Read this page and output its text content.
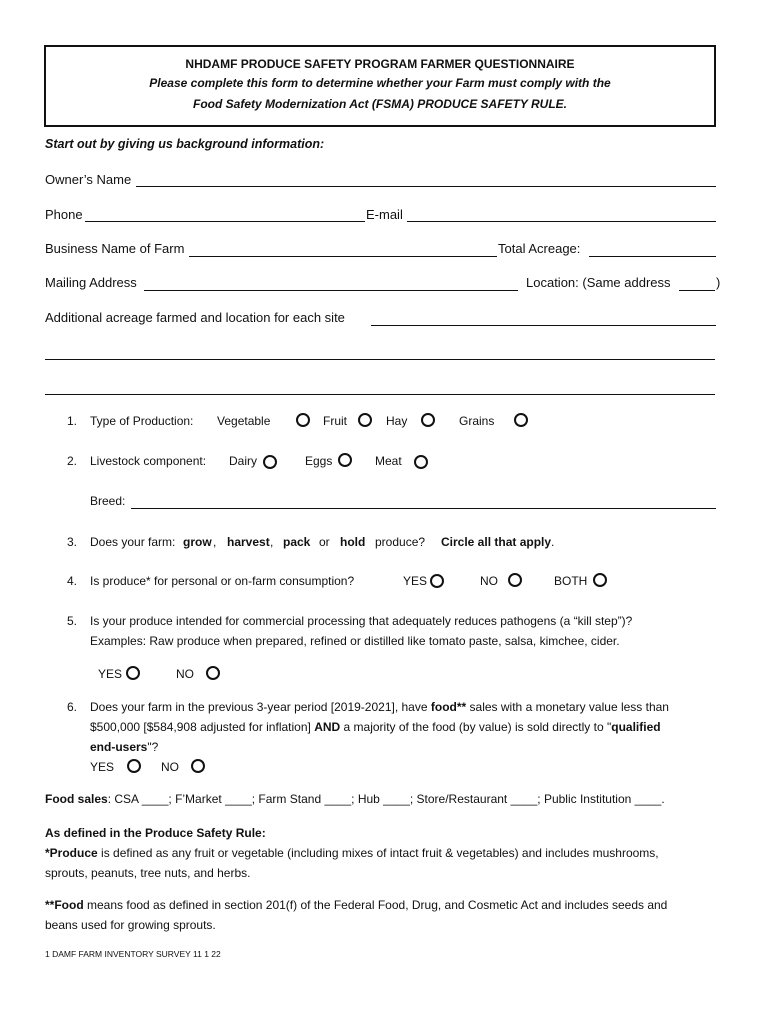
NHDAMF PRODUCE SAFETY PROGRAM FARMER QUESTIONNAIRE
Please complete this form to determine whether your Farm must comply with the
Food Safety Modernization Act (FSMA) PRODUCE SAFETY RULE.
Start out by giving us background information:
Owner’s Name
Phone	E-mail
Business Name of Farm	Total Acreage:
Mailing Address	Location: (Same address	)
Additional acreage farmed and location for each site
1. Type of Production: Vegetable	Fruit	Hay	Grains
2. Livestock component: Dairy	Eggs	Meat
Breed:
3. Does your farm: grow , harvest , pack or hold produce? Circle all that apply .
4. Is produce* for personal or on-farm consumption?	YES	NO	BOTH
5. Is your produce intended for commercial processing that adequately reduces pathogens (a “kill step”)?
Examples: Raw produce when prepared, refined or distilled like tomato paste, salsa, kimchee, cider.
YES	NO
6. Does your farm in the previous 3-year period [2019-2021], have food** sales with a monetary value less than
$500,000 [$584,908 adjusted for inflation] AND a majority of the food (by value) is sold directly to "qualified
end-users"?
YES	NO
Food sales: CSA ____; F’Market ____; Farm Stand ____; Hub ____; Store/Restaurant ____; Public Institution ____.
As defined in the Produce Safety Rule:
*Produce is defined as any fruit or vegetable (including mixes of intact fruit & vegetables) and includes mushrooms,
sprouts, peanuts, tree nuts, and herbs.
**Food means food as defined in section 201(f) of the Federal Food, Drug, and Cosmetic Act and includes seeds and
beans used for growing sprouts.
1 DAMF FARM INVENTORY SURVEY 11 1 22
